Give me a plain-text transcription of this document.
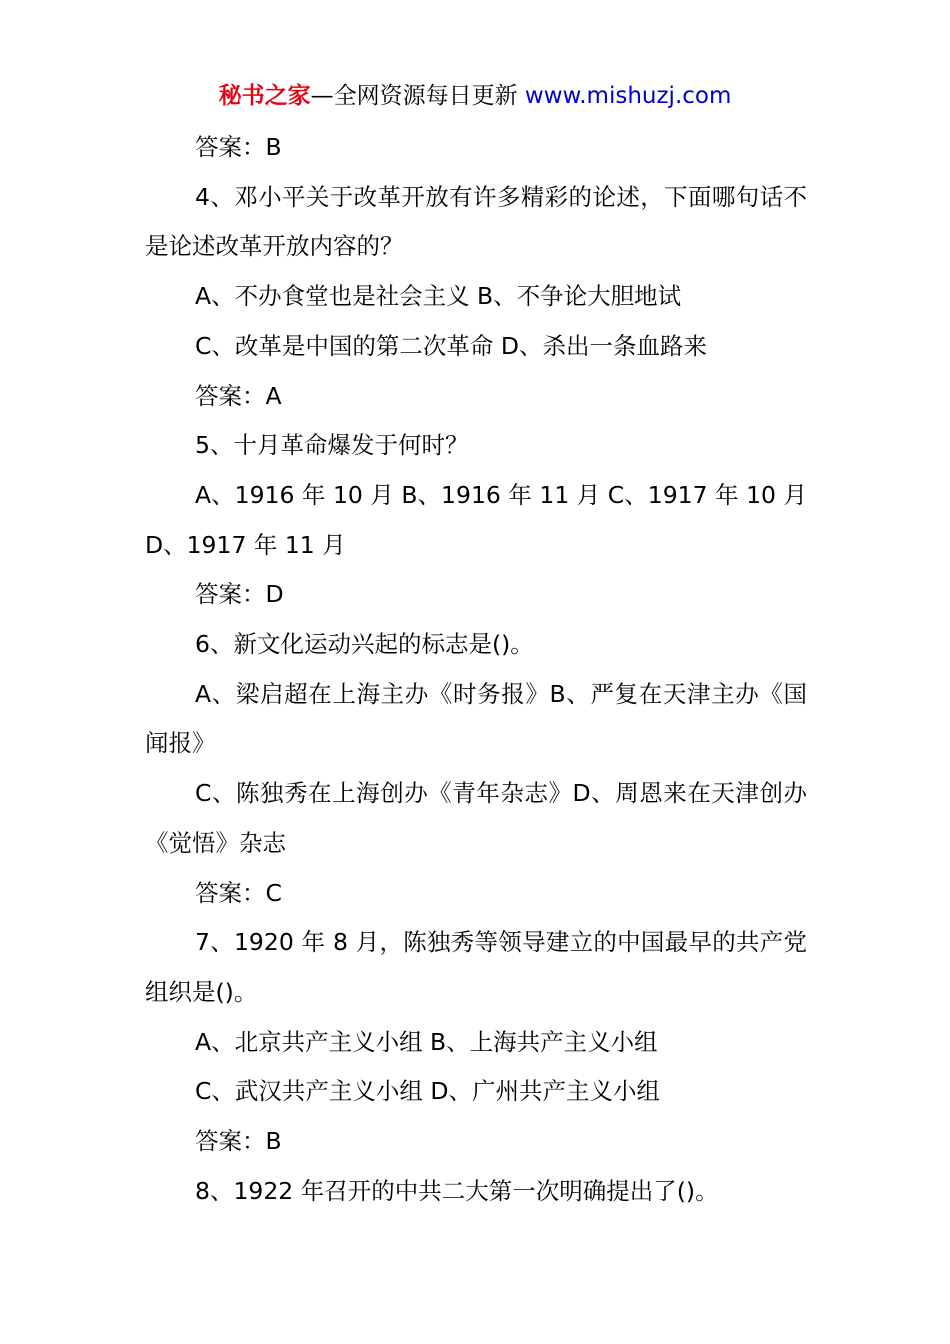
秘书之家—全网资源每日更新 www.mishuzj.com

答案：B

4、邓小平关于改革开放有许多精彩的论述，下面哪句话不是论述改革开放内容的？

A、不办食堂也是社会主义 B、不争论大胆地试

C、改革是中国的第二次革命 D、杀出一条血路来

答案：A

5、十月革命爆发于何时？

A、1916 年 10 月 B、1916 年 11 月 C、1917 年 10 月 D、1917 年 11 月

答案：D

6、新文化运动兴起的标志是()。

A、梁启超在上海主办《时务报》B、严复在天津主办《国闻报》

C、陈独秀在上海创办《青年杂志》D、周恩来在天津创办《觉悟》杂志

答案：C

7、1920 年 8 月，陈独秀等领导建立的中国最早的共产党组织是()。

A、北京共产主义小组 B、上海共产主义小组

C、武汉共产主义小组 D、广州共产主义小组

答案：B

8、1922 年召开的中共二大第一次明确提出了()。
